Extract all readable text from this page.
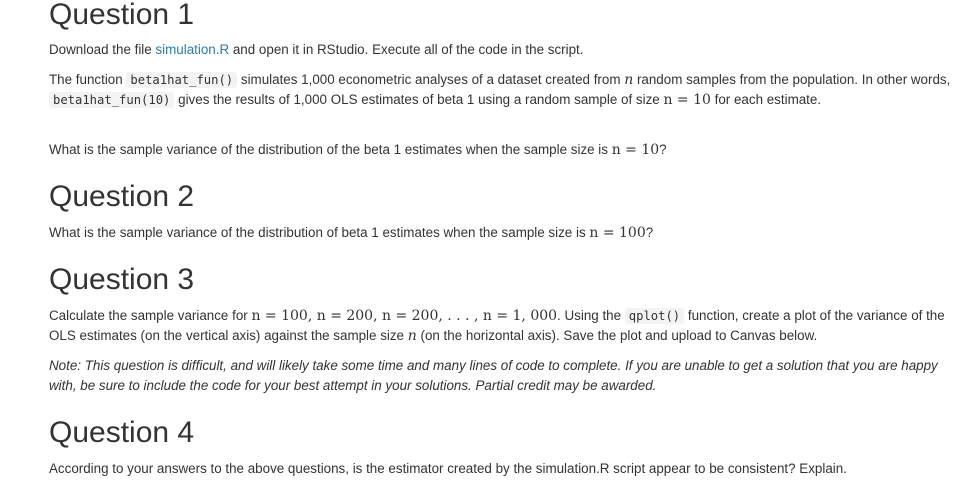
Question 1

Download the file simulation.R and open it in RStudio. Execute all of the code in the script.

The function beta1hat_fun() simulates 1,000 econometric analyses of a dataset created from n random samples from the population. In other words, beta1hat_fun(10) gives the results of 1,000 OLS estimates of beta 1 using a random sample of size n = 10 for each estimate.

What is the sample variance of the distribution of the beta 1 estimates when the sample size is n = 10?

Question 2

What is the sample variance of the distribution of beta 1 estimates when the sample size is n = 100?

Question 3

Calculate the sample variance for n = 100, n = 200, n = 200, . . . , n = 1, 000. Using the qplot() function, create a plot of the variance of the OLS estimates (on the vertical axis) against the sample size n (on the horizontal axis). Save the plot and upload to Canvas below.

Note: This question is difficult, and will likely take some time and many lines of code to complete. If you are unable to get a solution that you are happy with, be sure to include the code for your best attempt in your solutions. Partial credit may be awarded.

Question 4

According to your answers to the above questions, is the estimator created by the simulation.R script appear to be consistent? Explain.
